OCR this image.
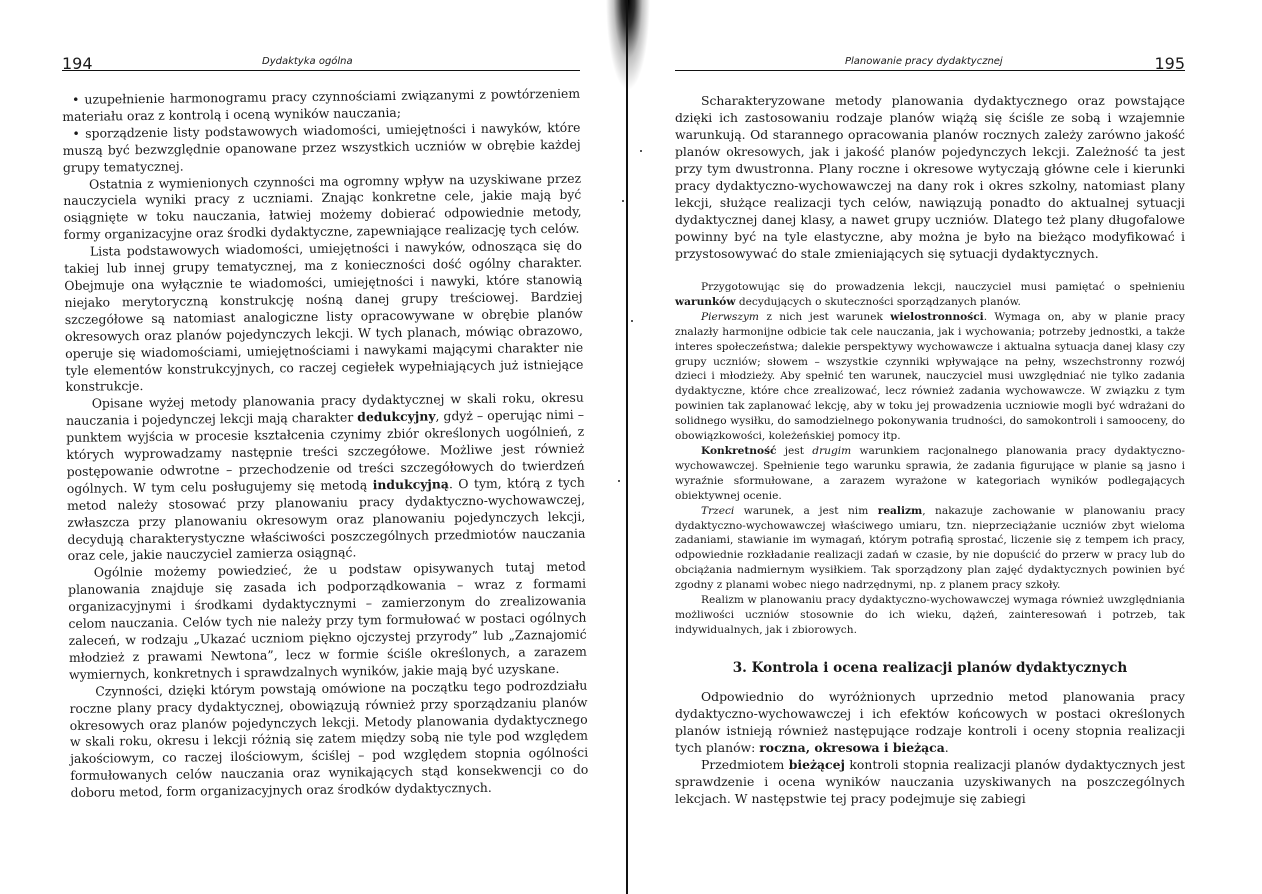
194	Dydaktyka ogólna

• uzupełnienie harmonogramu pracy czynnościami związanymi z powtórzeniem materiału oraz z kontrolą i oceną wyników nauczania;

• sporządzenie listy podstawowych wiadomości, umiejętności i nawyków, które muszą być bezwzględnie opanowane przez wszystkich uczniów w obrębie każdej grupy tematycznej.

Ostatnia z wymienionych czynności ma ogromny wpływ na uzyskiwane przez nauczyciela wyniki pracy z uczniami. Znając konkretne cele, jakie mają być osiągnięte w toku nauczania, łatwiej możemy dobierać odpowiednie metody, formy organizacyjne oraz środki dydaktyczne, zapewniające realizację tych celów.

Lista podstawowych wiadomości, umiejętności i nawyków, odnosząca się do takiej lub innej grupy tematycznej, ma z konieczności dość ogólny charakter. Obejmuje ona wyłącznie te wiadomości, umiejętności i nawyki, które stanowią niejako merytoryczną konstrukcję nośną danej grupy treściowej. Bardziej szczegółowe są natomiast analogiczne listy opracowywane w obrębie planów okresowych oraz planów pojedynczych lekcji. W tych planach, mówiąc obrazowo, operuje się wiadomościami, umiejętnościami i nawykami mającymi charakter nie tyle elementów konstrukcyjnych, co raczej cegiełek wypełniających już istniejące konstrukcje.

Opisane wyżej metody planowania pracy dydaktycznej w skali roku, okresu nauczania i pojedynczej lekcji mają charakter dedukcyjny, gdyż – operując nimi – punktem wyjścia w procesie kształcenia czynimy zbiór określonych uogólnień, z których wyprowadzamy następnie treści szczegółowe. Możliwe jest również postępowanie odwrotne – przechodzenie od treści szczegółowych do twierdzeń ogólnych. W tym celu posługujemy się metodą indukcyjną. O tym, którą z tych metod należy stosować przy planowaniu pracy dydaktyczno-wychowawczej, zwłaszcza przy planowaniu okresowym oraz planowaniu pojedynczych lekcji, decydują charakterystyczne właściwości poszczególnych przedmiotów nauczania oraz cele, jakie nauczyciel zamierza osiągnąć.

Ogólnie możemy powiedzieć, że u podstaw opisywanych tutaj metod planowania znajduje się zasada ich podporządkowania – wraz z formami organizacyjnymi i środkami dydaktycznymi – zamierzonym do zrealizowania celom nauczania. Celów tych nie należy przy tym formułować w postaci ogólnych zaleceń, w rodzaju „Ukazać uczniom piękno ojczystej przyrody” lub „Zaznajomić młodzież z prawami Newtona”, lecz w formie ściśle określonych, a zarazem wymiernych, konkretnych i sprawdzalnych wyników, jakie mają być uzyskane.

Czynności, dzięki którym powstają omówione na początku tego podrozdziału roczne plany pracy dydaktycznej, obowiązują również przy sporządzaniu planów okresowych oraz planów pojedynczych lekcji. Metody planowania dydaktycznego w skali roku, okresu i lekcji różnią się zatem między sobą nie tyle pod względem jakościowym, co raczej ilościowym, ściślej – pod względem stopnia ogólności formułowanych celów nauczania oraz wynikających stąd konsekwencji co do doboru metod, form organizacyjnych oraz środków dydaktycznych.

Planowanie pracy dydaktycznej	195

Scharakteryzowane metody planowania dydaktycznego oraz powstające dzięki ich zastosowaniu rodzaje planów wiążą się ściśle ze sobą i wzajemnie warunkują. Od starannego opracowania planów rocznych zależy zarówno jakość planów okresowych, jak i jakość planów pojedynczych lekcji. Zależność ta jest przy tym dwustronna. Plany roczne i okresowe wytyczają główne cele i kierunki pracy dydaktyczno-wychowawczej na dany rok i okres szkolny, natomiast plany lekcji, służące realizacji tych celów, nawiązują ponadto do aktualnej sytuacji dydaktycznej danej klasy, a nawet grupy uczniów. Dlatego też plany długofalowe powinny być na tyle elastyczne, aby można je było na bieżąco modyfikować i przystosowywać do stale zmieniających się sytuacji dydaktycznych.

Przygotowując się do prowadzenia lekcji, nauczyciel musi pamiętać o spełnieniu warunków decydujących o skuteczności sporządzanych planów.

Pierwszym z nich jest warunek wielostronności. Wymaga on, aby w planie pracy znalazły harmonijne odbicie tak cele nauczania, jak i wychowania; potrzeby jednostki, a także interes społeczeństwa; dalekie perspektywy wychowawcze i aktualna sytuacja danej klasy czy grupy uczniów; słowem – wszystkie czynniki wpływające na pełny, wszechstronny rozwój dzieci i młodzieży. Aby spełnić ten warunek, nauczyciel musi uwzględniać nie tylko zadania dydaktyczne, które chce zrealizować, lecz również zadania wychowawcze. W związku z tym powinien tak zaplanować lekcję, aby w toku jej prowadzenia uczniowie mogli być wdrażani do solidnego wysiłku, do samodzielnego pokonywania trudności, do samokontroli i samooceny, do obowiązkowości, koleżeńskiej pomocy itp.

Konkretność jest drugim warunkiem racjonalnego planowania pracy dydaktyczno-wychowawczej. Spełnienie tego warunku sprawia, że zadania figurujące w planie są jasno i wyraźnie sformułowane, a zarazem wyrażone w kategoriach wyników podlegających obiektywnej ocenie.

Trzeci warunek, a jest nim realizm, nakazuje zachowanie w planowaniu pracy dydaktyczno-wychowawczej właściwego umiaru, tzn. nieprzeciążanie uczniów zbyt wieloma zadaniami, stawianie im wymagań, którym potrafią sprostać, liczenie się z tempem ich pracy, odpowiednie rozkładanie realizacji zadań w czasie, by nie dopuścić do przerw w pracy lub do obciążania nadmiernym wysiłkiem. Tak sporządzony plan zajęć dydaktycznych powinien być zgodny z planami wobec niego nadrzędnymi, np. z planem pracy szkoły.

Realizm w planowaniu pracy dydaktyczno-wychowawczej wymaga również uwzględniania możliwości uczniów stosownie do ich wieku, dążeń, zainteresowań i potrzeb, tak indywidualnych, jak i zbiorowych.

3. Kontrola i ocena realizacji planów dydaktycznych

Odpowiednio do wyróżnionych uprzednio metod planowania pracy dydaktyczno-wychowawczej i ich efektów końcowych w postaci określonych planów istnieją również następujące rodzaje kontroli i oceny stopnia realizacji tych planów: roczna, okresowa i bieżąca.

Przedmiotem bieżącej kontroli stopnia realizacji planów dydaktycznych jest sprawdzenie i ocena wyników nauczania uzyskiwanych na poszczególnych lekcjach. W następstwie tej pracy podejmuje się zabiegi
